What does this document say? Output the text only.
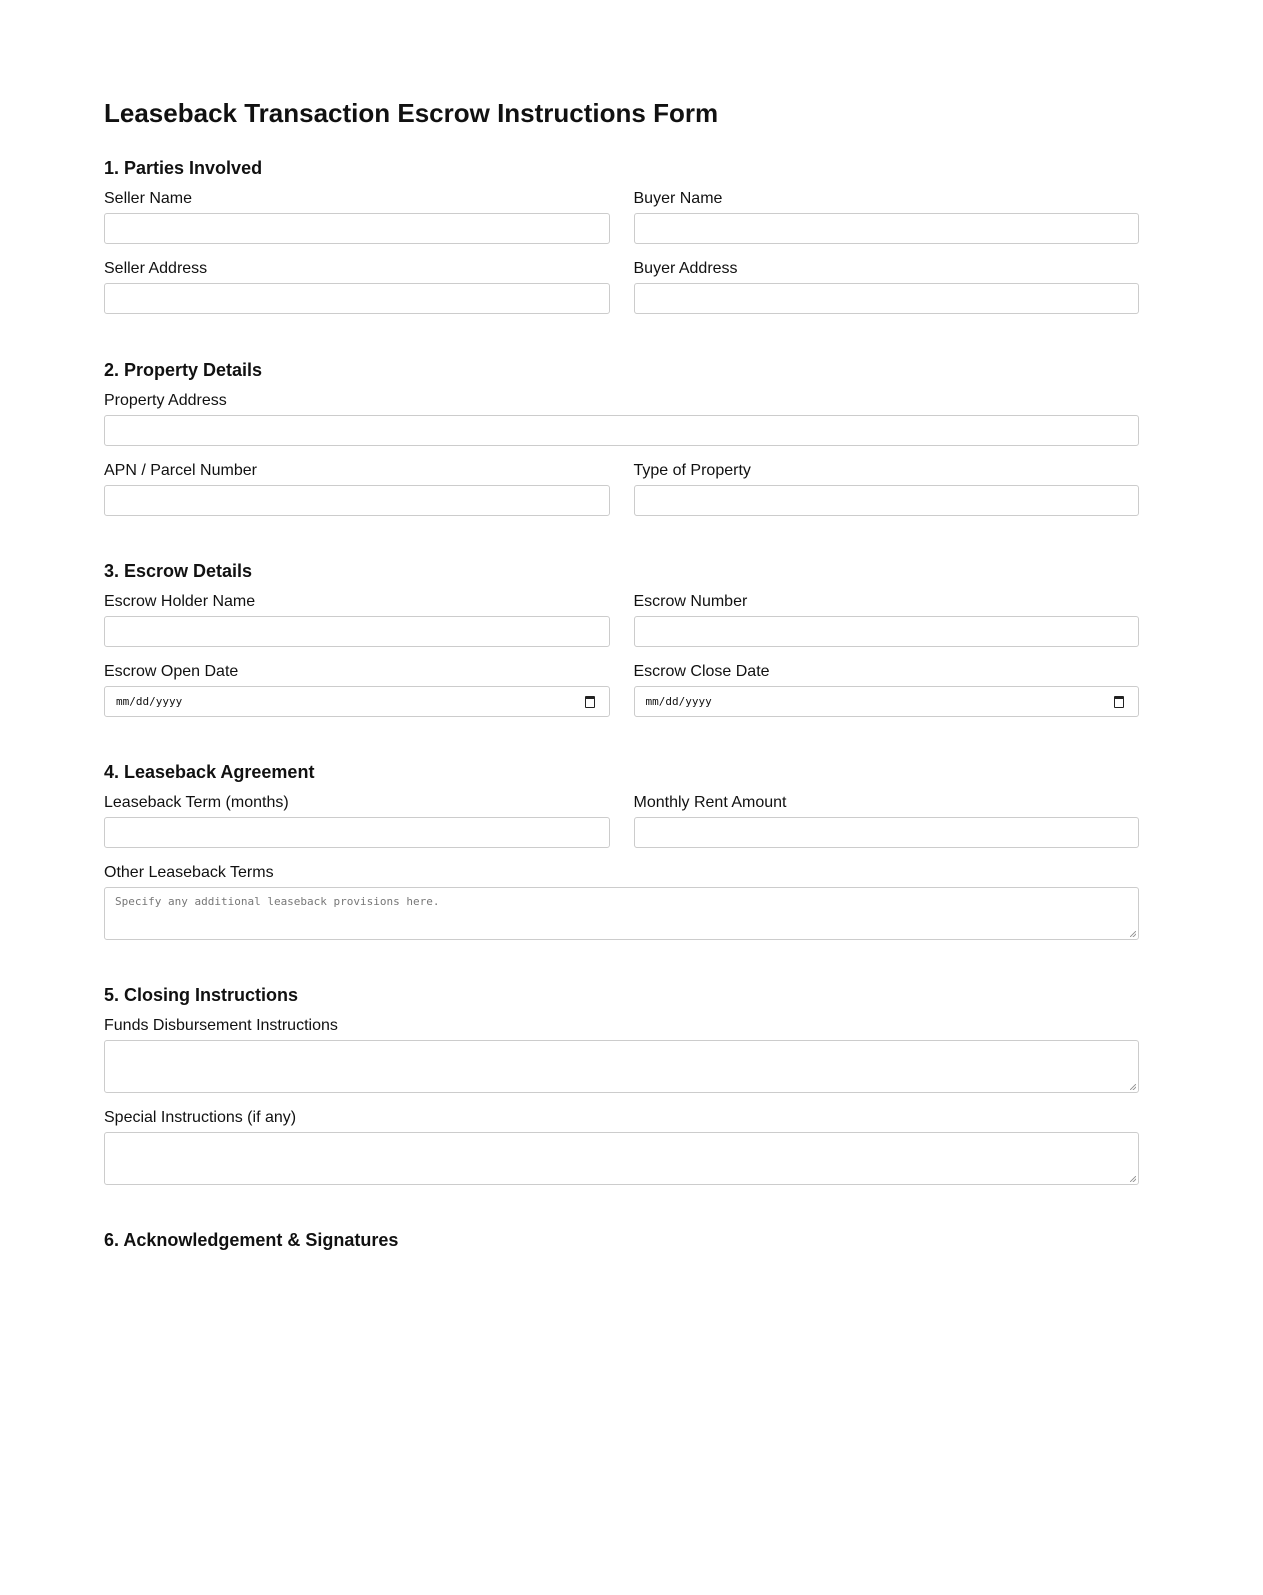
Leaseback Transaction Escrow Instructions Form
1. Parties Involved
Seller Name	Buyer Name
Seller Address	Buyer Address
2. Property Details
Property Address
APN / Parcel Number	Type of Property
3. Escrow Details
Escrow Holder Name	Escrow Number
Escrow Open Date
mm/dd/yyyy
Escrow Close Date
mm/dd/yyyy
4. Leaseback Agreement
Leaseback Term (months)	Monthly Rent Amount
Other Leaseback Terms
Specify any additional leaseback provisions here.
5. Closing Instructions
Funds Disbursement Instructions
Special Instructions (if any)
6. Acknowledgement & Signatures
